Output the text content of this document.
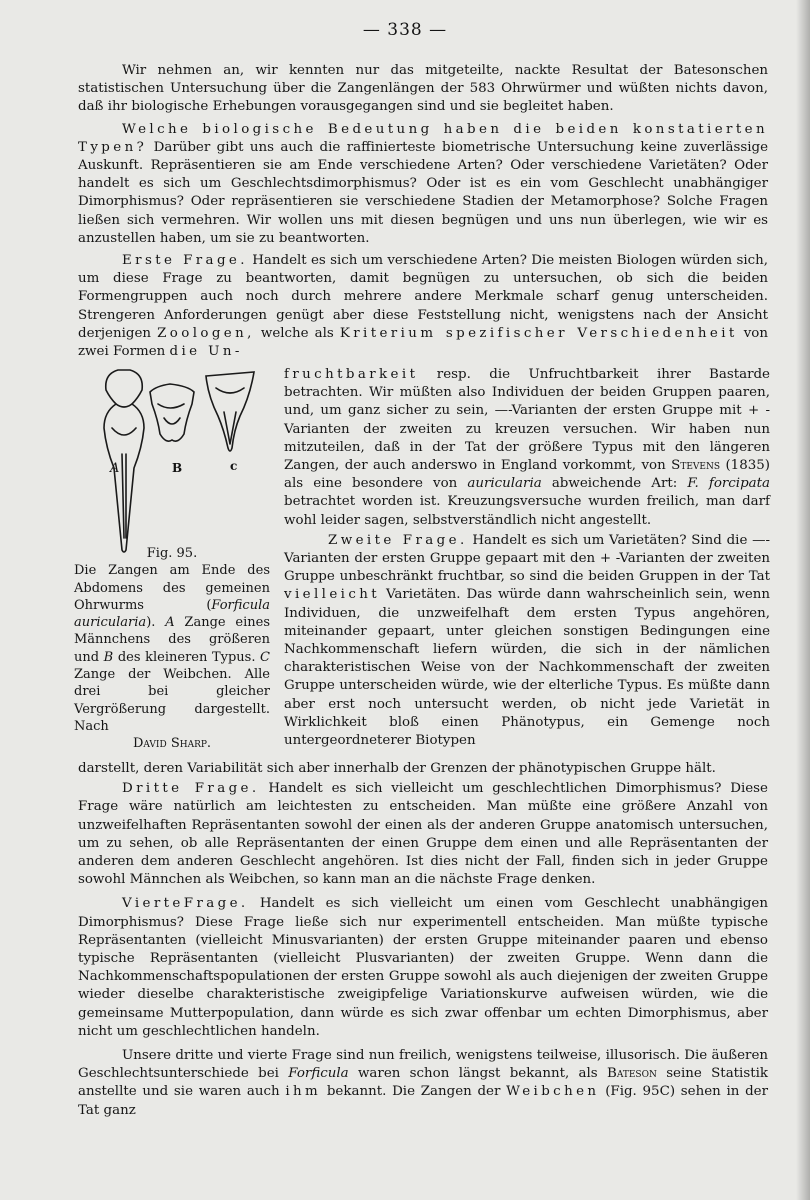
— 338 —

Wir nehmen an, wir kennten nur das mitgeteilte, nackte Resultat der Batesonschen statistischen Untersuchung über die Zangenlängen der 583 Ohrwürmer und wüßten nichts davon, daß ihr biologische Erhebungen vorausgegangen sind und sie begleitet haben.

Welche biologische Bedeutung haben die beiden konstatierten Typen? Darüber gibt uns auch die raffinierteste biometrische Untersuchung keine zuverlässige Auskunft. Repräsentieren sie am Ende verschiedene Arten? Oder verschiedene Varietäten? Oder handelt es sich um Geschlechtsdimorphismus? Oder ist es ein vom Geschlecht unabhängiger Dimorphismus? Oder repräsentieren sie verschiedene Stadien der Metamorphose? Solche Fragen ließen sich vermehren. Wir wollen uns mit diesen begnügen und uns nun überlegen, wie wir es anzustellen haben, um sie zu beantworten.

Erste Frage. Handelt es sich um verschiedene Arten? Die meisten Biologen würden sich, um diese Frage zu beantworten, damit begnügen zu untersuchen, ob sich die beiden Formengruppen auch noch durch mehrere andere Merkmale scharf genug unterscheiden. Strengeren Anforderungen genügt aber diese Feststellung nicht, wenigstens nach der Ansicht derjenigen Zoologen, welche als Kriterium spezifischer Verschiedenheit von zwei Formen die Un-

A	B	c
Fig. 95.
Die Zangen am Ende des Abdomens des gemeinen Ohrwurms (Forficula auricularia). A Zange eines Männchens des größeren und B des kleineren Typus. C Zange der Weibchen. Alle drei bei gleicher Vergrößerung dargestellt. Nach
David Sharp.

fruchtbarkeit resp. die Unfruchtbarkeit ihrer Bastarde betrachten. Wir müßten also Individuen der beiden Gruppen paaren, und, um ganz sicher zu sein, —-Varianten der ersten Gruppe mit + -Varianten der zweiten zu kreuzen versuchen. Wir haben nun mitzuteilen, daß in der Tat der größere Typus mit den längeren Zangen, der auch anderswo in England vorkommt, von Stevens (1835) als eine besondere von auricularia abweichende Art: F. forcipata betrachtet worden ist. Kreuzungsversuche wurden freilich, man darf wohl leider sagen, selbstverständlich nicht angestellt.

Zweite Frage. Handelt es sich um Varietäten? Sind die —-Varianten der ersten Gruppe gepaart mit den + -Varianten der zweiten Gruppe unbeschränkt fruchtbar, so sind die beiden Gruppen in der Tat vielleicht Varietäten. Das würde dann wahrscheinlich sein, wenn Individuen, die unzweifelhaft dem ersten Typus angehören, miteinander gepaart, unter gleichen sonstigen Bedingungen eine Nachkommenschaft liefern würden, die sich in der nämlichen charakteristischen Weise von der Nachkommenschaft der zweiten Gruppe unterscheiden würde, wie der elterliche Typus. Es müßte dann aber erst noch untersucht werden, ob nicht jede Varietät in Wirklichkeit bloß einen Phänotypus, ein Gemenge noch untergeordneterer Biotypen

darstellt, deren Variabilität sich aber innerhalb der Grenzen der phänotypischen Gruppe hält.

Dritte Frage. Handelt es sich vielleicht um geschlechtlichen Dimorphismus? Diese Frage wäre natürlich am leichtesten zu entscheiden. Man müßte eine größere Anzahl von unzweifelhaften Repräsentanten sowohl der einen als der anderen Gruppe anatomisch untersuchen, um zu sehen, ob alle Repräsentanten der einen Gruppe dem einen und alle Repräsentanten der anderen dem anderen Geschlecht angehören. Ist dies nicht der Fall, finden sich in jeder Gruppe sowohl Männchen als Weibchen, so kann man an die nächste Frage denken.

VierteFrage. Handelt es sich vielleicht um einen vom Geschlecht unabhängigen Dimorphismus? Diese Frage ließe sich nur experimentell entscheiden. Man müßte typische Repräsentanten (vielleicht Minusvarianten) der ersten Gruppe miteinander paaren und ebenso typische Repräsentanten (vielleicht Plusvarianten) der zweiten Gruppe. Wenn dann die Nachkommenschaftspopulationen der ersten Gruppe sowohl als auch diejenigen der zweiten Gruppe wieder dieselbe charakteristische zweigipfelige Variationskurve aufweisen würden, wie die gemeinsame Mutterpopulation, dann würde es sich zwar offenbar um echten Dimorphismus, aber nicht um geschlechtlichen handeln.

Unsere dritte und vierte Frage sind nun freilich, wenigstens teilweise, illusorisch. Die äußeren Geschlechtsunterschiede bei Forficula waren schon längst bekannt, als Bateson seine Statistik anstellte und sie waren auch ihm bekannt. Die Zangen der Weibchen (Fig. 95C) sehen in der Tat ganz
